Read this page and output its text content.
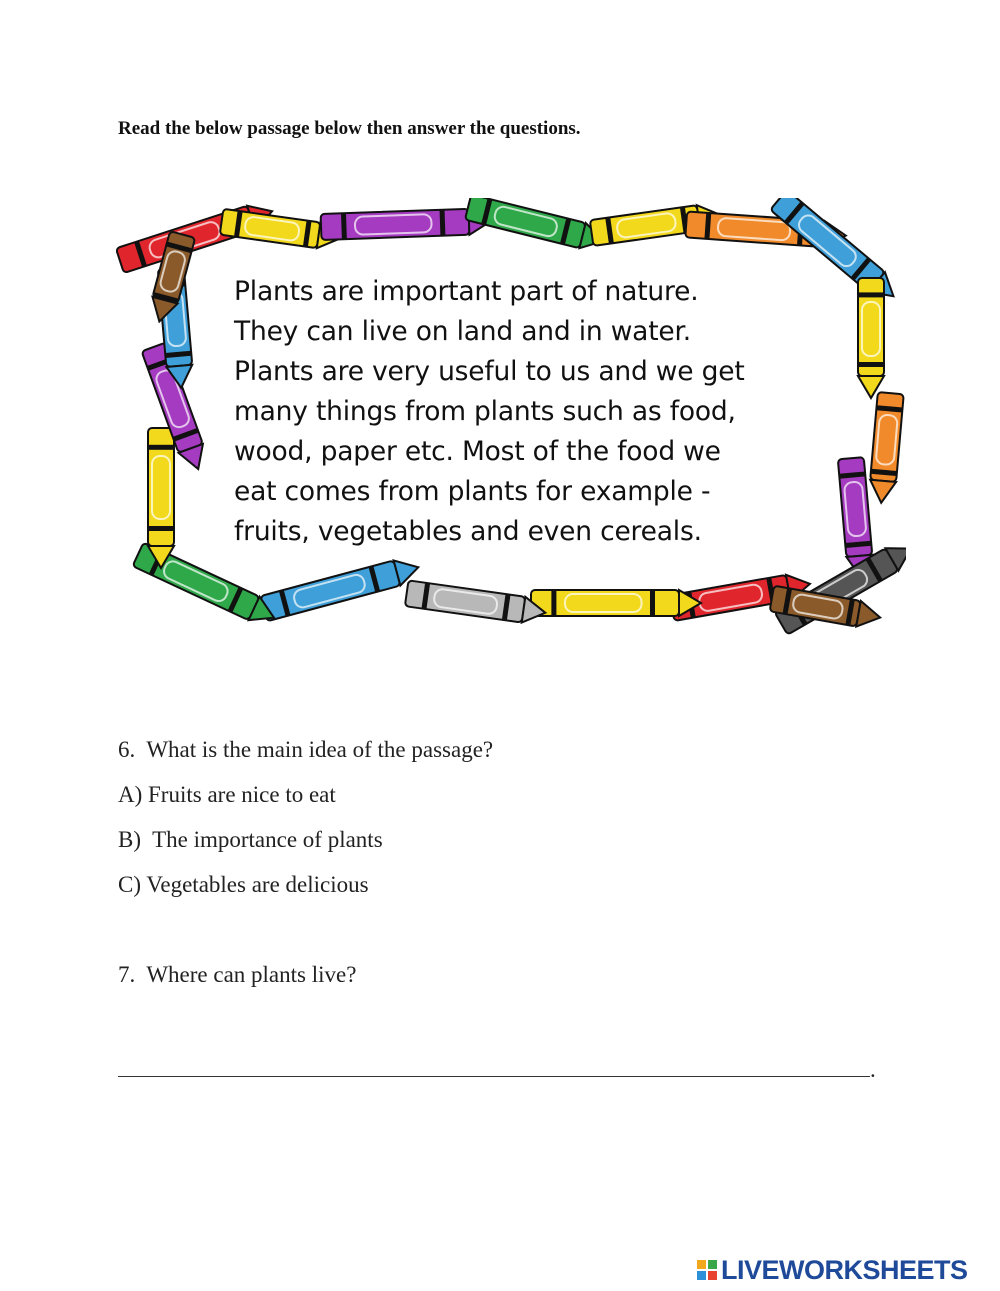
Read the below passage below then answer the questions.
Plants are important part of nature.
They can live on land and in water.
Plants are very useful to us and we get
many things from plants such as food,
wood, paper etc. Most of the food we
eat comes from plants for example -
fruits, vegetables and even cereals.
6.  What is the main idea of the passage?
A) Fruits are nice to eat
B)  The importance of plants
C) Vegetables are delicious
7.  Where can plants live?
.
LIVEWORKSHEETS
